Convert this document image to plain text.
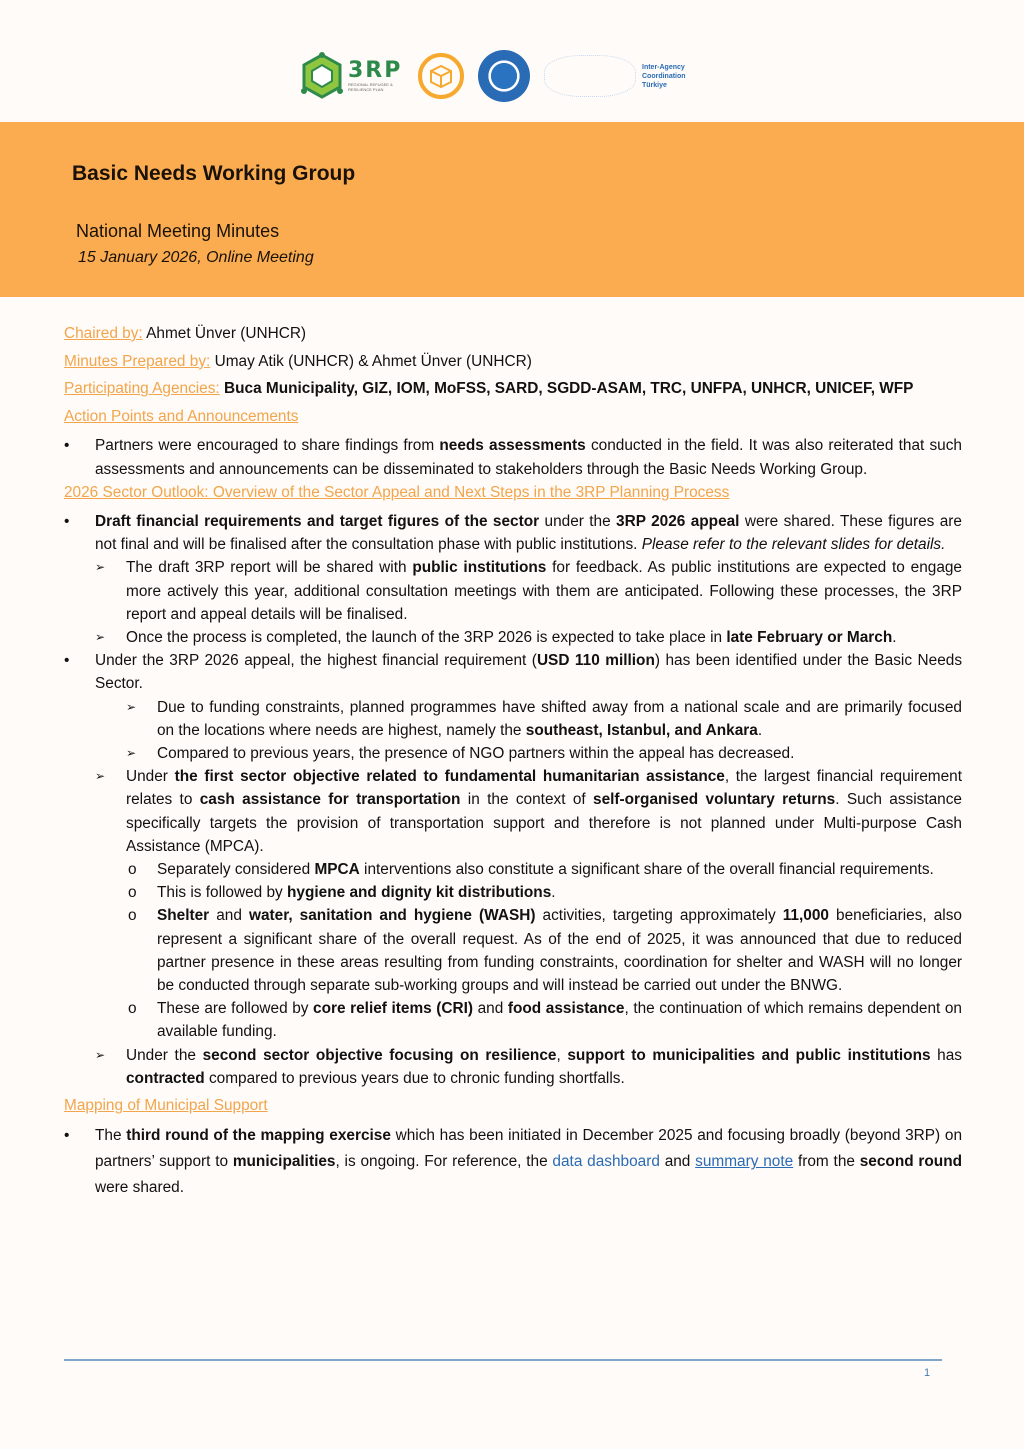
3RP
REGIONAL REFUGEE & RESILIENCE PLAN
Inter-Agency
Coordination
Türkiye
Basic Needs Working Group
National Meeting Minutes
15 January 2026, Online Meeting

Chaired by: Ahmet Ünver (UNHCR)

Minutes Prepared by: Umay Atik (UNHCR) & Ahmet Ünver (UNHCR)

Participating Agencies: Buca Municipality, GIZ, IOM, MoFSS, SARD, SGDD-ASAM, TRC, UNFPA, UNHCR, UNICEF, WFP

Action Points and Announcements

• Partners were encouraged to share findings from needs assessments conducted in the field. It was also reiterated that such assessments and announcements can be disseminated to stakeholders through the Basic Needs Working Group.

2026 Sector Outlook: Overview of the Sector Appeal and Next Steps in the 3RP Planning Process

• Draft financial requirements and target figures of the sector under the 3RP 2026 appeal were shared. These figures are not final and will be finalised after the consultation phase with public institutions. Please refer to the relevant slides for details.
➢ The draft 3RP report will be shared with public institutions for feedback. As public institutions are expected to engage more actively this year, additional consultation meetings with them are anticipated. Following these processes, the 3RP report and appeal details will be finalised.
➢ Once the process is completed, the launch of the 3RP 2026 is expected to take place in late February or March.
• Under the 3RP 2026 appeal, the highest financial requirement (USD 110 million) has been identified under the Basic Needs Sector.
➢ Due to funding constraints, planned programmes have shifted away from a national scale and are primarily focused on the locations where needs are highest, namely the southeast, Istanbul, and Ankara.
➢ Compared to previous years, the presence of NGO partners within the appeal has decreased.
➢ Under the first sector objective related to fundamental humanitarian assistance, the largest financial requirement relates to cash assistance for transportation in the context of self-organised voluntary returns. Such assistance specifically targets the provision of transportation support and therefore is not planned under Multi-purpose Cash Assistance (MPCA).
o Separately considered MPCA interventions also constitute a significant share of the overall financial requirements.
o This is followed by hygiene and dignity kit distributions.
o Shelter and water, sanitation and hygiene (WASH) activities, targeting approximately 11,000 beneficiaries, also represent a significant share of the overall request. As of the end of 2025, it was announced that due to reduced partner presence in these areas resulting from funding constraints, coordination for shelter and WASH will no longer be conducted through separate sub-working groups and will instead be carried out under the BNWG.
o These are followed by core relief items (CRI) and food assistance, the continuation of which remains dependent on available funding.
➢ Under the second sector objective focusing on resilience, support to municipalities and public institutions has contracted compared to previous years due to chronic funding shortfalls.

Mapping of Municipal Support

• The third round of the mapping exercise which has been initiated in December 2025 and focusing broadly (beyond 3RP) on partners’ support to municipalities, is ongoing. For reference, the data dashboard and summary note from the second round were shared.
1
